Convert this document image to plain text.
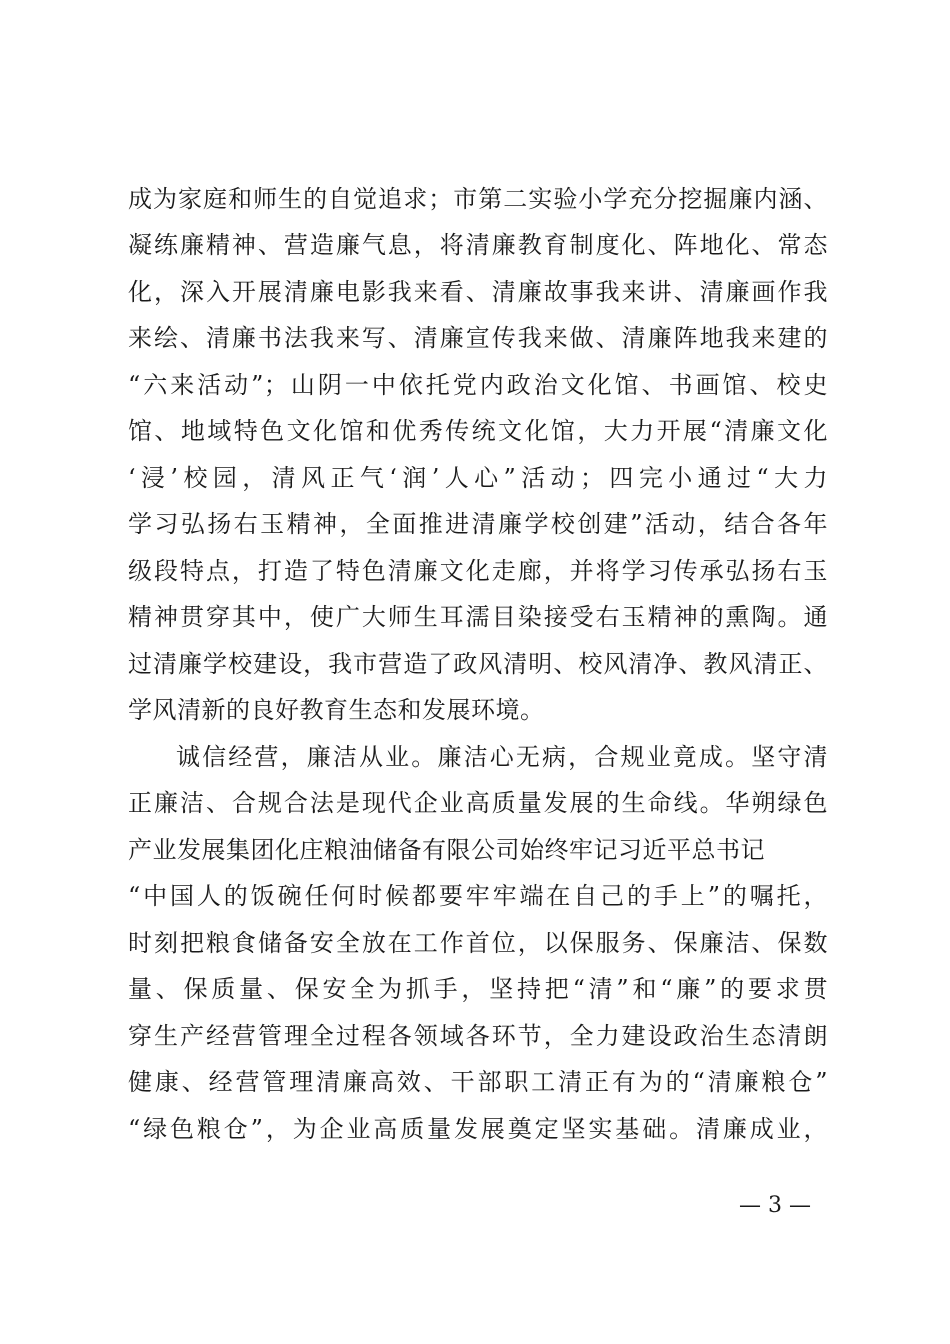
成为家庭和师生的自觉追求；市第二实验小学充分挖掘廉内涵、
凝练廉精神、营造廉气息，将清廉教育制度化、阵地化、常态
化，深入开展清廉电影我来看、清廉故事我来讲、清廉画作我
来绘、清廉书法我来写、清廉宣传我来做、清廉阵地我来建的
“六来活动”；山阴一中依托党内政治文化馆、书画馆、校史
馆、地域特色文化馆和优秀传统文化馆，大力开展“清廉文化
‘浸’校园，清风正气‘润’人心”活动；四完小通过“大力
学习弘扬右玉精神，全面推进清廉学校创建”活动，结合各年
级段特点，打造了特色清廉文化走廊，并将学习传承弘扬右玉
精神贯穿其中，使广大师生耳濡目染接受右玉精神的熏陶。通
过清廉学校建设，我市营造了政风清明、校风清净、教风清正、
学风清新的良好教育生态和发展环境。
诚信经营，廉洁从业。廉洁心无病，合规业竟成。坚守清
正廉洁、合规合法是现代企业高质量发展的生命线。华朔绿色
产业发展集团化庄粮油储备有限公司始终牢记习近平总书记
“中国人的饭碗任何时候都要牢牢端在自己的手上”的嘱托，
时刻把粮食储备安全放在工作首位，以保服务、保廉洁、保数
量、保质量、保安全为抓手，坚持把“清”和“廉”的要求贯
穿生产经营管理全过程各领域各环节，全力建设政治生态清朗
健康、经营管理清廉高效、干部职工清正有为的“清廉粮仓”
“绿色粮仓”，为企业高质量发展奠定坚实基础。清廉成业，
— 3 —
